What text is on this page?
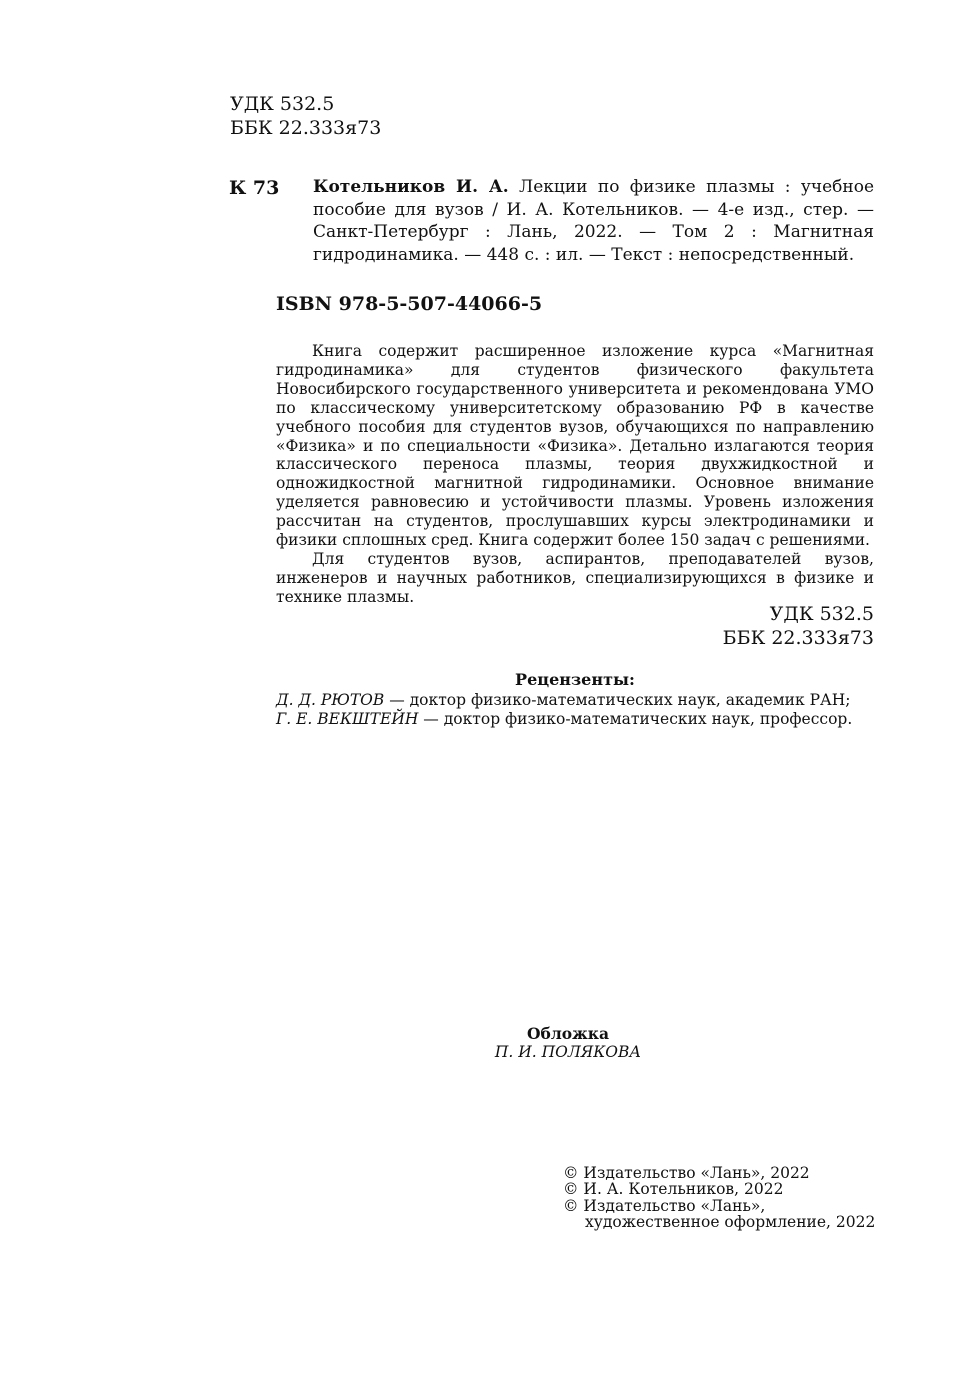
УДК 532.5
ББК 22.333я73
К 73	Котельников И. А. Лекции по физике плазмы : учебное пособие для вузов / И. А. Котельников. — 4-е изд., стер. — Санкт-Петербург : Лань, 2022. — Том 2 : Магнитная гидродинамика. — 448 с. : ил. — Текст : непосредственный.
ISBN 978-5-507-44066-5

Книга содержит расширенное изложение курса «Магнитная гидродинамика» для студентов физического факультета Новосибирского государственного университета и рекомендована УМО по классическому университетскому образованию РФ в качестве учебного пособия для студентов вузов, обучающихся по направлению «Физика» и по специальности «Физика». Детально излагаются теория классического переноса плазмы, теория двухжидкостной и одножидкостной магнитной гидродинамики. Основное внимание уделяется равновесию и устойчивости плазмы. Уровень изложения рассчитан на студентов, прослушавших курсы электродинамики и физики сплошных сред. Книга содержит более 150 задач с решениями.

Для студентов вузов, аспирантов, преподавателей вузов, инженеров и научных работников, специализирующихся в физике и технике плазмы.

УДК 532.5
ББК 22.333я73
Рецензенты:
Д. Д. РЮТОВ — доктор физико-математических наук, академик РАН;
Г. Е. ВЕКШТЕЙН — доктор физико-математических наук, профессор.
Обложка
П. И. ПОЛЯКОВА
© Издательство «Лань», 2022
© И. А. Котельников, 2022
© Издательство «Лань»,
художественное оформление, 2022
